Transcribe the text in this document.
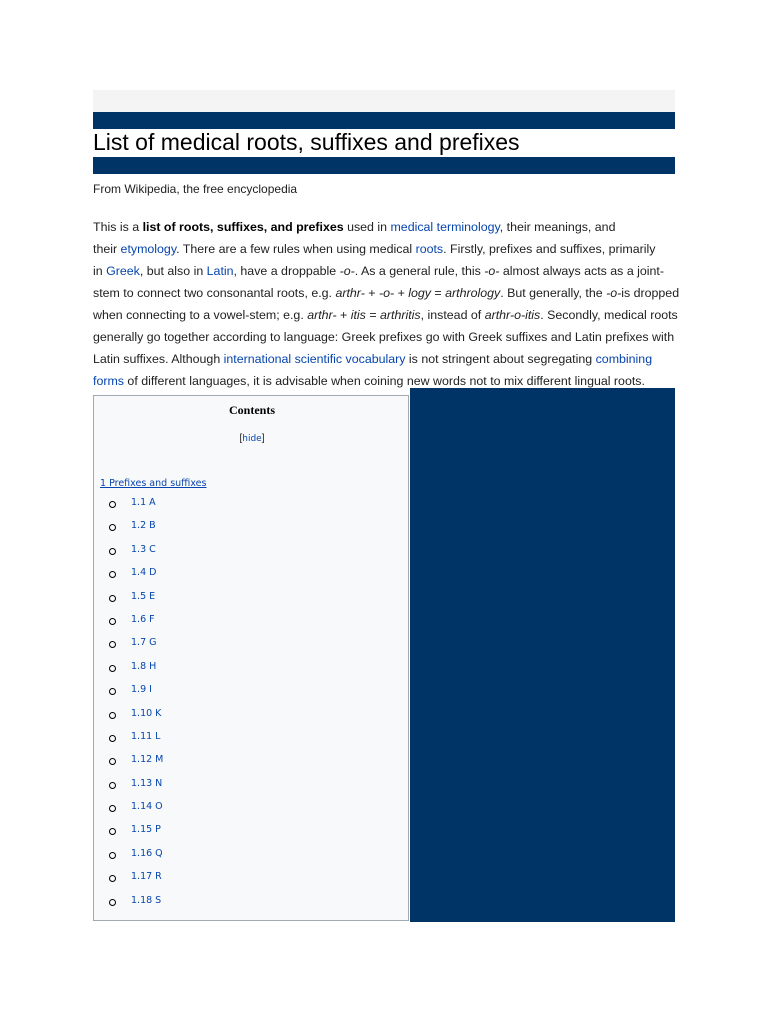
List of medical roots, suffixes and prefixes
From Wikipedia, the free encyclopedia
This is a list of roots, suffixes, and prefixes used in medical terminology, their meanings, and
their etymology. There are a few rules when using medical roots. Firstly, prefixes and suffixes, primarily
in Greek, but also in Latin, have a droppable -o-. As a general rule, this -o- almost always acts as a joint-
stem to connect two consonantal roots, e.g. arthr- + -o- + logy = arthrology. But generally, the -o-is dropped
when connecting to a vowel-stem; e.g. arthr- + itis = arthritis, instead of arthr-o-itis. Secondly, medical roots
generally go together according to language: Greek prefixes go with Greek suffixes and Latin prefixes with
Latin suffixes. Although international scientific vocabulary is not stringent about segregating combining
forms of different languages, it is advisable when coining new words not to mix different lingual roots.
Contents
[hide]
1 Prefixes and suffixes
1.1 A
1.2 B
1.3 C
1.4 D
1.5 E
1.6 F
1.7 G
1.8 H
1.9 I
1.10 K
1.11 L
1.12 M
1.13 N
1.14 O
1.15 P
1.16 Q
1.17 R
1.18 S
